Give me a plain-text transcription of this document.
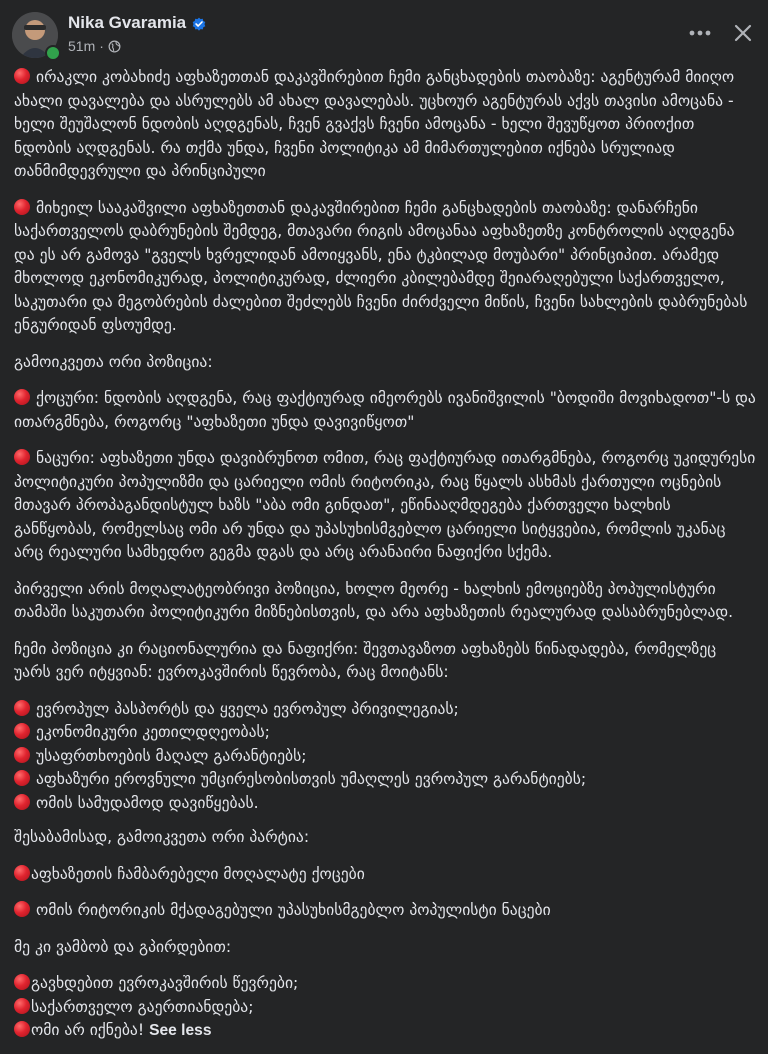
Nika Gvaramia
51m ·

ირაკლი კობახიძე აფხაზეთთან დაკავშირებით ჩემი განცხადების თაობაზე: აგენტურამ მიიღო ახალი დავალება და ასრულებს ამ ახალ დავალებას. უცხოურ აგენტურას აქვს თავისი ამოცანა - ხელი შეუშალონ ნდობის აღდგენას, ჩვენ გვაქვს ჩვენი ამოცანა - ხელი შევუწყოთ პრიოქით ნდობის აღდგენას. რა თქმა უნდა, ჩვენი პოლიტიკა ამ მიმართულებით იქნება სრულიად თანმიმდევრული და პრინციპული

მიხეილ სააკაშვილი აფხაზეთთან დაკავშირებით ჩემი განცხადების თაობაზე: დანარჩენი საქართველოს დაბრუნების შემდეგ, მთავარი რიგის ამოცანაა აფხაზეთზე კონტროლის აღდგენა და ეს არ გამოვა "გველს ხვრელიდან ამოიყვანს, ენა ტკბილად მოუბარი" პრინციპით. არამედ მხოლოდ ეკონომიკურად, პოლიტიკურად, ძლიერი კბილებამდე შეიარაღებული საქართველო, საკუთარი და მეგობრების ძალებით შეძლებს ჩვენი ძირძველი მიწის, ჩვენი სახლების დაბრუნებას ენგურიდან ფსოუმდე.

გამოიკვეთა ორი პოზიცია:

ქოცური: ნდობის აღდგენა, რაც ფაქტიურად იმეორებს ივანიშვილის "ბოდიში მოვიხადოთ"-ს და ითარგმნება, როგორც "აფხაზეთი უნდა დავივიწყოთ"

ნაცური: აფხაზეთი უნდა დავიბრუნოთ ომით, რაც ფაქტიურად ითარგმნება, როგორც უკიდურესი პოლიტიკური პოპულიზმი და ცარიელი ომის რიტორიკა, რაც წყალს ასხმას ქართული ოცნების მთავარ პროპაგანდისტულ ხაზს "აბა ომი გინდათ", ეწინააღმდეგება ქართველი ხალხის განწყობას, რომელსაც ომი არ უნდა და უპასუხისმგებლო ცარიელი სიტყვებია, რომლის უკანაც არც რეალური სამხედრო გეგმა დგას და არც არანაირი ნაფიქრი სქემა.

პირველი არის მოღალატეობრივი პოზიცია, ხოლო მეორე - ხალხის ემოციებზე პოპულისტური თამაში საკუთარი პოლიტიკური მიზნებისთვის, და არა აფხაზეთის რეალურად დასაბრუნებლად.

ჩემი პოზიცია კი რაციონალურია და ნაფიქრი: შევთავაზოთ აფხაზებს წინადადება, რომელზეც უარს ვერ იტყვიან: ევროკავშირის წევრობა, რაც მოიტანს:

ევროპულ პასპორტს და ყველა ევროპულ პრივილეგიას;
ეკონომიკური კეთილდღეობას;
უსაფრთხოების მაღალ გარანტიებს;
აფხაზური ეროვნული უმცირესობისთვის უმაღლეს ევროპულ გარანტიებს;
ომის სამუდამოდ დავიწყებას.

შესაბამისად, გამოიკვეთა ორი პარტია:

აფხაზეთის ჩამბარებელი მოღალატე ქოცები

ომის რიტორიკის მქადაგებული უპასუხისმგებლო პოპულისტი ნაცები

მე კი ვამბობ და გპირდებით:

გავხდებით ევროკავშირის წევრები;
საქართველო გაერთიანდება;
ომი არ იქნება! See less
